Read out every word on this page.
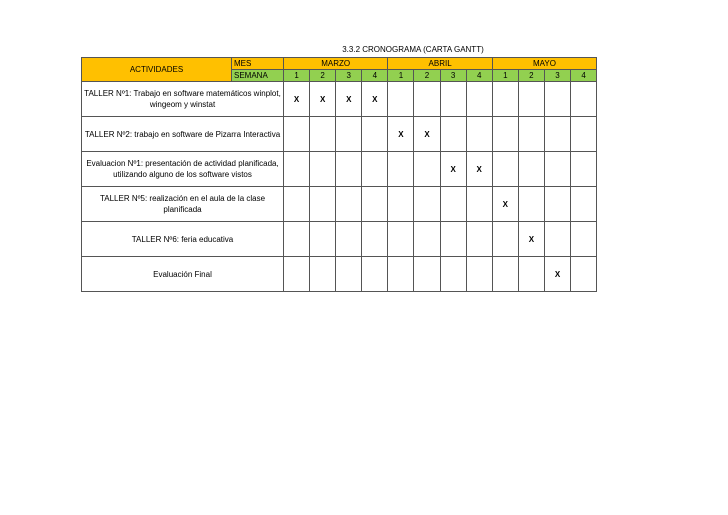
3.3.2 CRONOGRAMA (CARTA GANTT)
ACTIVIDADES	MES	MARZO				ABRIL				MAYO			
	SEMANA	1	2	3	4	1	2	3	4	1	2	3	4
TALLER Nº1: Trabajo en software matemáticos winplot, wingeom y winstat		X	X	X	X								
TALLER Nº2: trabajo en software de Pizarra Interactiva						X	X						
Evaluacion Nº1: presentación de actividad planificada, utilizando alguno de los software vistos								X	X				
TALLER Nº5: realización en el aula de la clase planificada										X			
TALLER Nº6: feria educativa											X		
Evaluación Final												X	
